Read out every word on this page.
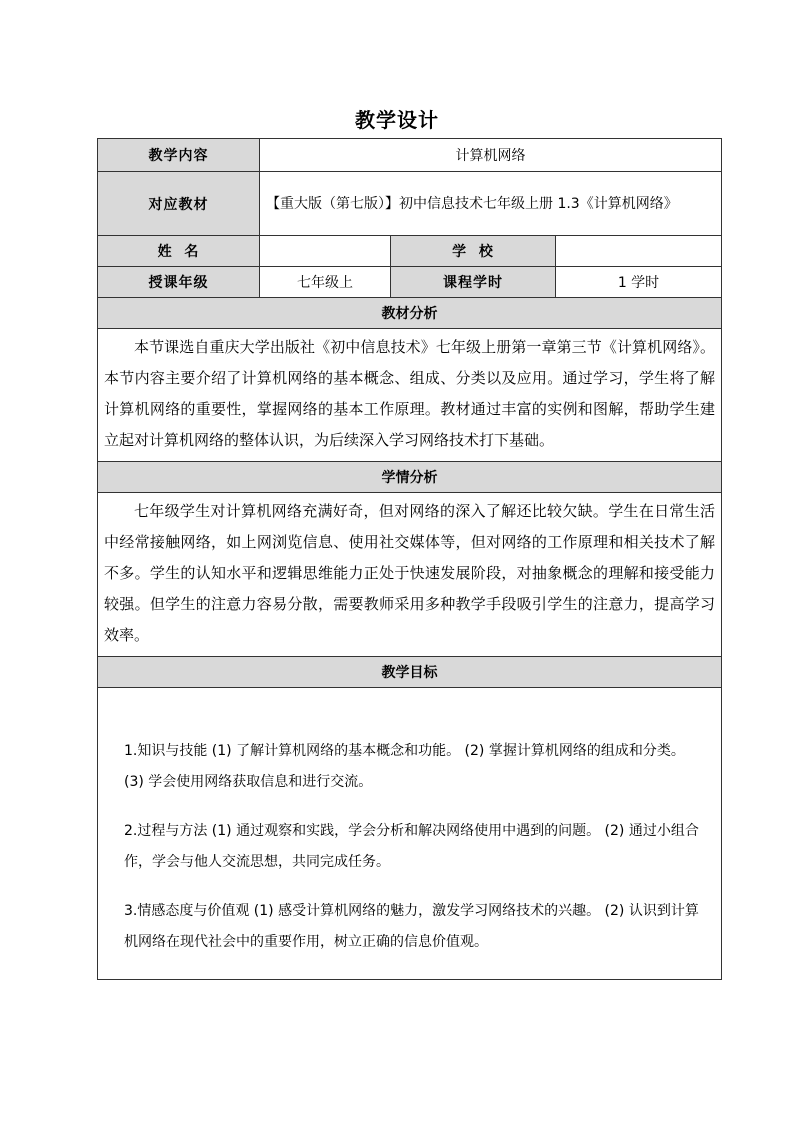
教学设计
教学内容	计算机网络		
对应教材	【重大版（第七版）】初中信息技术七年级上册 1.3《计算机网络》		
姓  名		学  校	
授课年级	七年级上	课程学时	1 学时
教材分析			
本节课选自重庆大学出版社《初中信息技术》七年级上册第一章第三节《计算机网络》。本节内容主要介绍了计算机网络的基本概念、组成、分类以及应用。通过学习，学生将了解计算机网络的重要性，掌握网络的基本工作原理。教材通过丰富的实例和图解，帮助学生建立起对计算机网络的整体认识，为后续深入学习网络技术打下基础。			
学情分析			
七年级学生对计算机网络充满好奇，但对网络的深入了解还比较欠缺。学生在日常生活中经常接触网络，如上网浏览信息、使用社交媒体等，但对网络的工作原理和相关技术了解不多。学生的认知水平和逻辑思维能力正处于快速发展阶段，对抽象概念的理解和接受能力较强。但学生的注意力容易分散，需要教师采用多种教学手段吸引学生的注意力，提高学习效率。			
教学目标			

1.知识与技能 (1) 了解计算机网络的基本概念和功能。 (2) 掌握计算机网络的组成和分类。 (3) 学会使用网络获取信息和进行交流。

2.过程与方法 (1) 通过观察和实践，学会分析和解决网络使用中遇到的问题。 (2) 通过小组合作，学会与他人交流思想，共同完成任务。

3.情感态度与价值观 (1) 感受计算机网络的魅力，激发学习网络技术的兴趣。 (2) 认识到计算机网络在现代社会中的重要作用，树立正确的信息价值观。			
